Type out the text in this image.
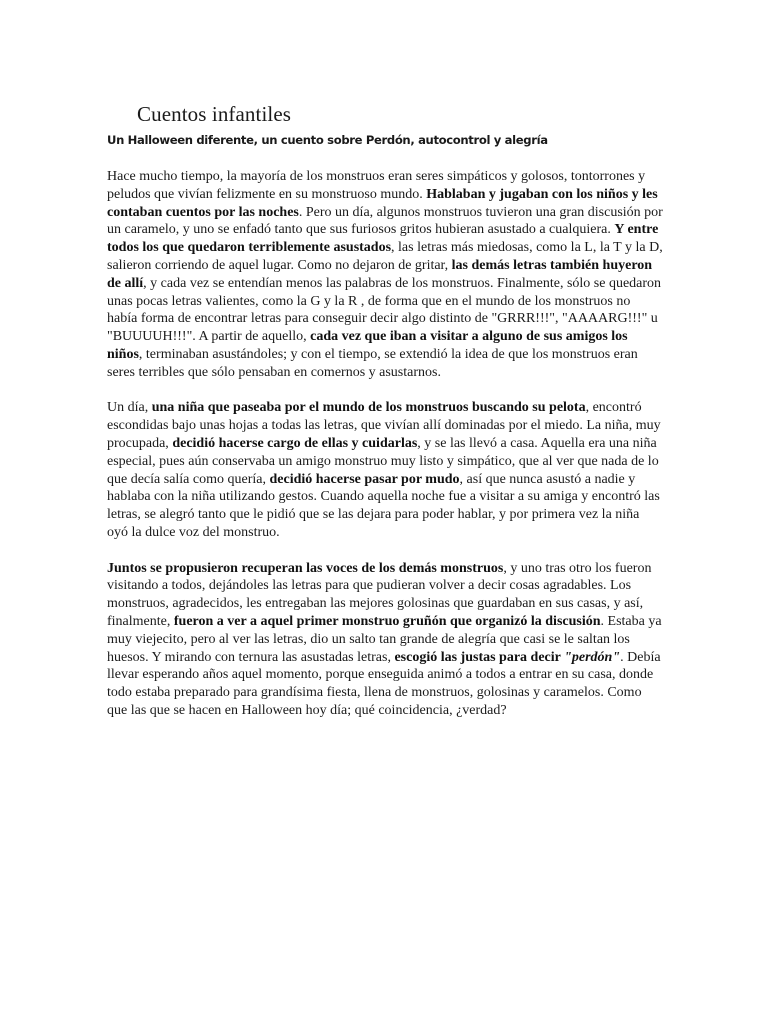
Cuentos infantiles
Un Halloween diferente, un cuento sobre Perdón, autocontrol y alegría

Hace mucho tiempo, la mayoría de los monstruos eran seres simpáticos y golosos, tontorrones y peludos que vivían felizmente en su monstruoso mundo. Hablaban y jugaban con los niños y les contaban cuentos por las noches. Pero un día, algunos monstruos tuvieron una gran discusión por un caramelo, y uno se enfadó tanto que sus furiosos gritos hubieran asustado a cualquiera. Y entre todos los que quedaron terriblemente asustados, las letras más miedosas, como la L, la T y la D, salieron corriendo de aquel lugar. Como no dejaron de gritar, las demás letras también huyeron de allí, y cada vez se entendían menos las palabras de los monstruos. Finalmente, sólo se quedaron unas pocas letras valientes, como la G y la R , de forma que en el mundo de los monstruos no había forma de encontrar letras para conseguir decir algo distinto de "GRRR!!!", "AAAARG!!!" u "BUUUUH!!!". A partir de aquello, cada vez que iban a visitar a alguno de sus amigos los niños, terminaban asustándoles; y con el tiempo, se extendió la idea de que los monstruos eran seres terribles que sólo pensaban en comernos y asustarnos.

Un día, una niña que paseaba por el mundo de los monstruos buscando su pelota, encontró escondidas bajo unas hojas a todas las letras, que vivían allí dominadas por el miedo. La niña, muy procupada, decidió hacerse cargo de ellas y cuidarlas, y se las llevó a casa. Aquella era una niña especial, pues aún conservaba un amigo monstruo muy listo y simpático, que al ver que nada de lo que decía salía como quería, decidió hacerse pasar por mudo, así que nunca asustó a nadie y hablaba con la niña utilizando gestos. Cuando aquella noche fue a visitar a su amiga y encontró las letras, se alegró tanto que le pidió que se las dejara para poder hablar, y por primera vez la niña oyó la dulce voz del monstruo.

Juntos se propusieron recuperan las voces de los demás monstruos, y uno tras otro los fueron visitando a todos, dejándoles las letras para que pudieran volver a decir cosas agradables. Los monstruos, agradecidos, les entregaban las mejores golosinas que guardaban en sus casas, y así, finalmente, fueron a ver a aquel primer monstruo gruñón que organizó la discusión. Estaba ya muy viejecito, pero al ver las letras, dio un salto tan grande de alegría que casi se le saltan los huesos. Y mirando con ternura las asustadas letras, escogió las justas para decir "perdón". Debía llevar esperando años aquel momento, porque enseguida animó a todos a entrar en su casa, donde todo estaba preparado para grandísima fiesta, llena de monstruos, golosinas y caramelos. Como que las que se hacen en Halloween hoy día; qué coincidencia, ¿verdad?
